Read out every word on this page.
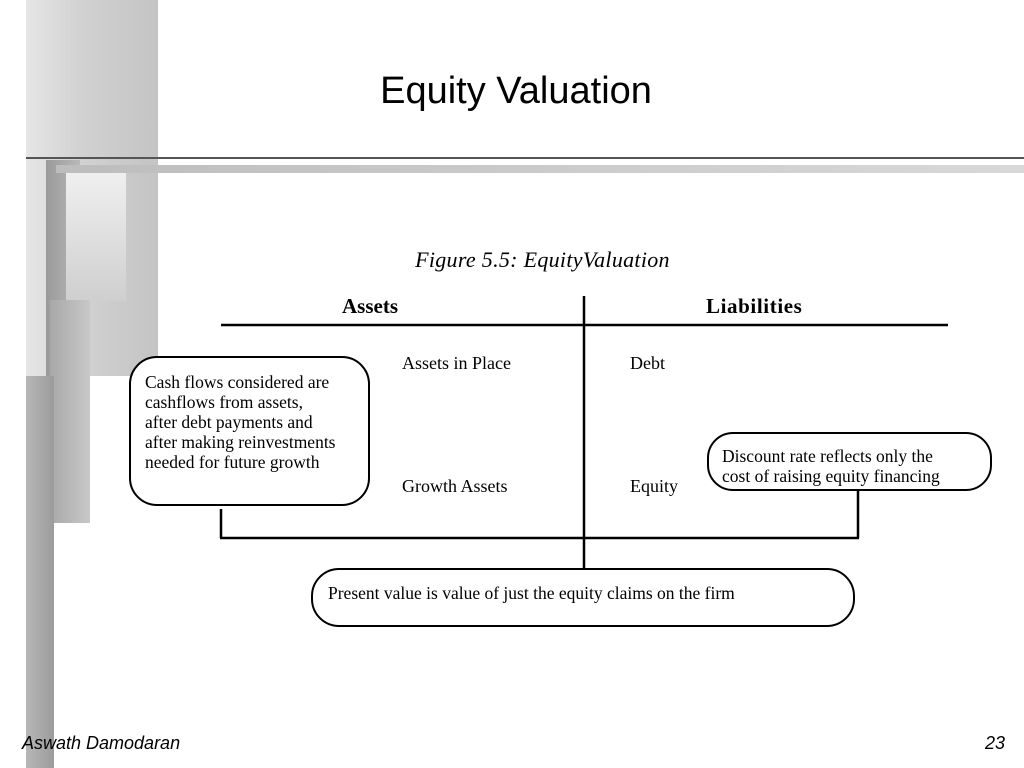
Equity Valuation
Figure 5.5: EquityValuation
Assets	Liabilities
Assets in Place
Growth Assets
Debt
Equity
Cash flows considered are
cashflows from assets,
after debt payments and
after making reinvestments
needed for future growth	Discount rate reflects only the
cost of raising equity financing
Present value is value of just the equity claims on the firm
Aswath Damodaran	23
